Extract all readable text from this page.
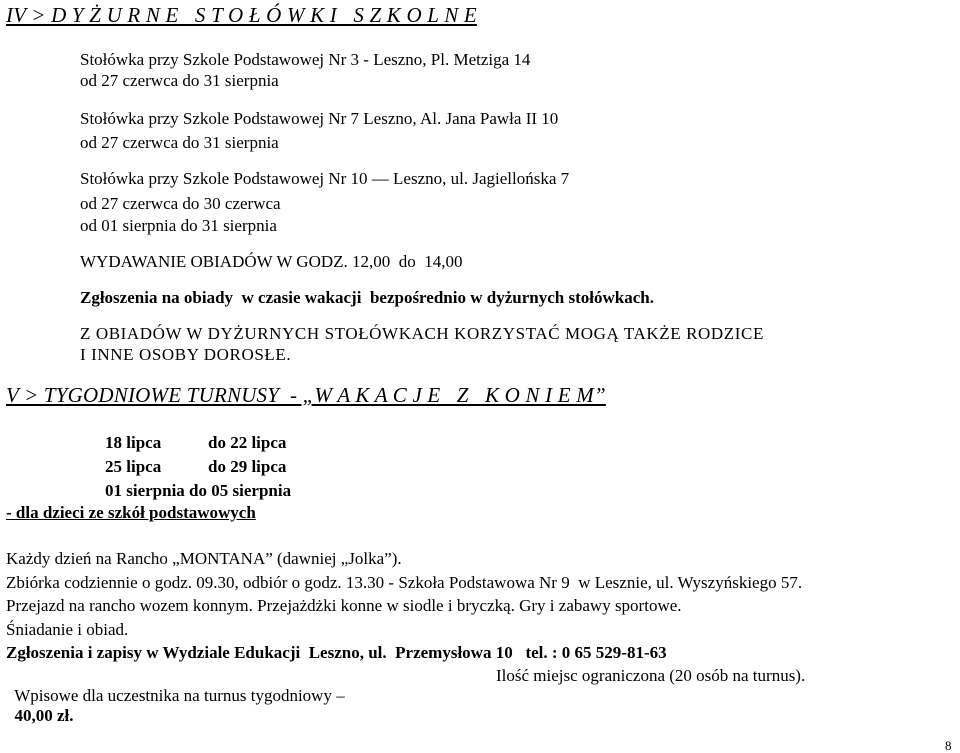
IV > D Y Ż U R N E   S T O Ł Ó W K I   S Z K O L N E
Stołówka przy Szkole Podstawowej Nr 3 - Leszno, Pl. Metziga 14
od 27 czerwca do 31 sierpnia
Stołówka przy Szkole Podstawowej Nr 7 Leszno, Al. Jana Pawła II 10
od 27 czerwca do 31 sierpnia
Stołówka przy Szkole Podstawowej Nr 10 — Leszno, ul. Jagiellońska 7
od 27 czerwca do 30 czerwca
od 01 sierpnia do 31 sierpnia
WYDAWANIE OBIADÓW W GODZ. 12,00  do  14,00
Zgłoszenia na obiady  w czasie wakacji  bezpośrednio w dyżurnych stołówkach.
Z OBIADÓW W DYŻURNYCH STOŁÓWKACH KORZYSTAĆ MOGĄ TAKŻE RODZICE
I INNE OSOBY DOROSŁE.
V > TYGODNIOWE TURNUSY  - „W A K A C J E   Z   K O N I E M”
18 lipca	do 22 lipca
25 lipca	do 29 lipca
01 sierpnia do 05 sierpnia
- dla dzieci ze szkół podstawowych
Każdy dzień na Rancho „MONTANA” (dawniej „Jolka”).
Zbiórka codziennie o godz. 09.30, odbiór o godz. 13.30 - Szkoła Podstawowa Nr 9  w Lesznie, ul. Wyszyńskiego 57.
Przejazd na rancho wozem konnym. Przejażdżki konne w siodle i bryczką. Gry i zabawy sportowe.
Śniadanie i obiad.
Zgłoszenia i zapisy w Wydziale Edukacji  Leszno, ul.  Przemysłowa 10   tel. : 0 65 529-81-63

Wpisowe dla uczestnika na turnus tygodniowy –
40,00 zł.

Ilość miejsc ograniczona (20 osób na turnus).
8
